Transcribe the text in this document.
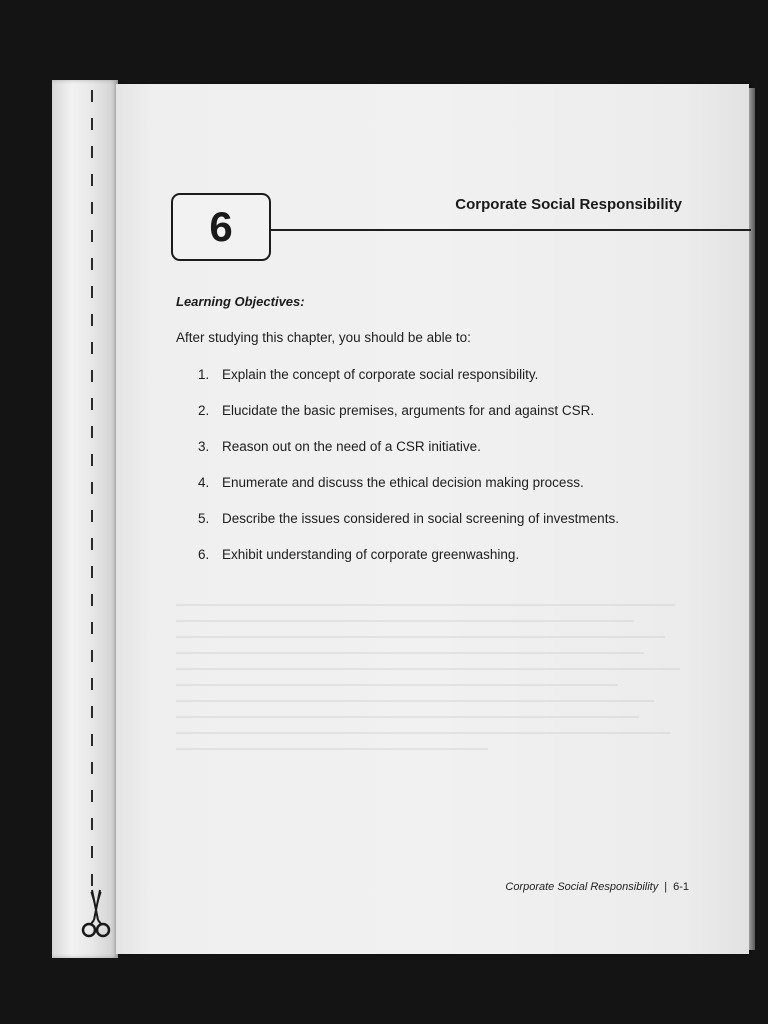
6	Corporate Social Responsibility
Learning Objectives:
After studying this chapter, you should be able to:
1. Explain the concept of corporate social responsibility.
2. Elucidate the basic premises, arguments for and against CSR.
3. Reason out on the need of a CSR initiative.
4. Enumerate and discuss the ethical decision making process.
5. Describe the issues considered in social screening of investments.
6. Exhibit understanding of corporate greenwashing.
Corporate Social Responsibility | 6-1
